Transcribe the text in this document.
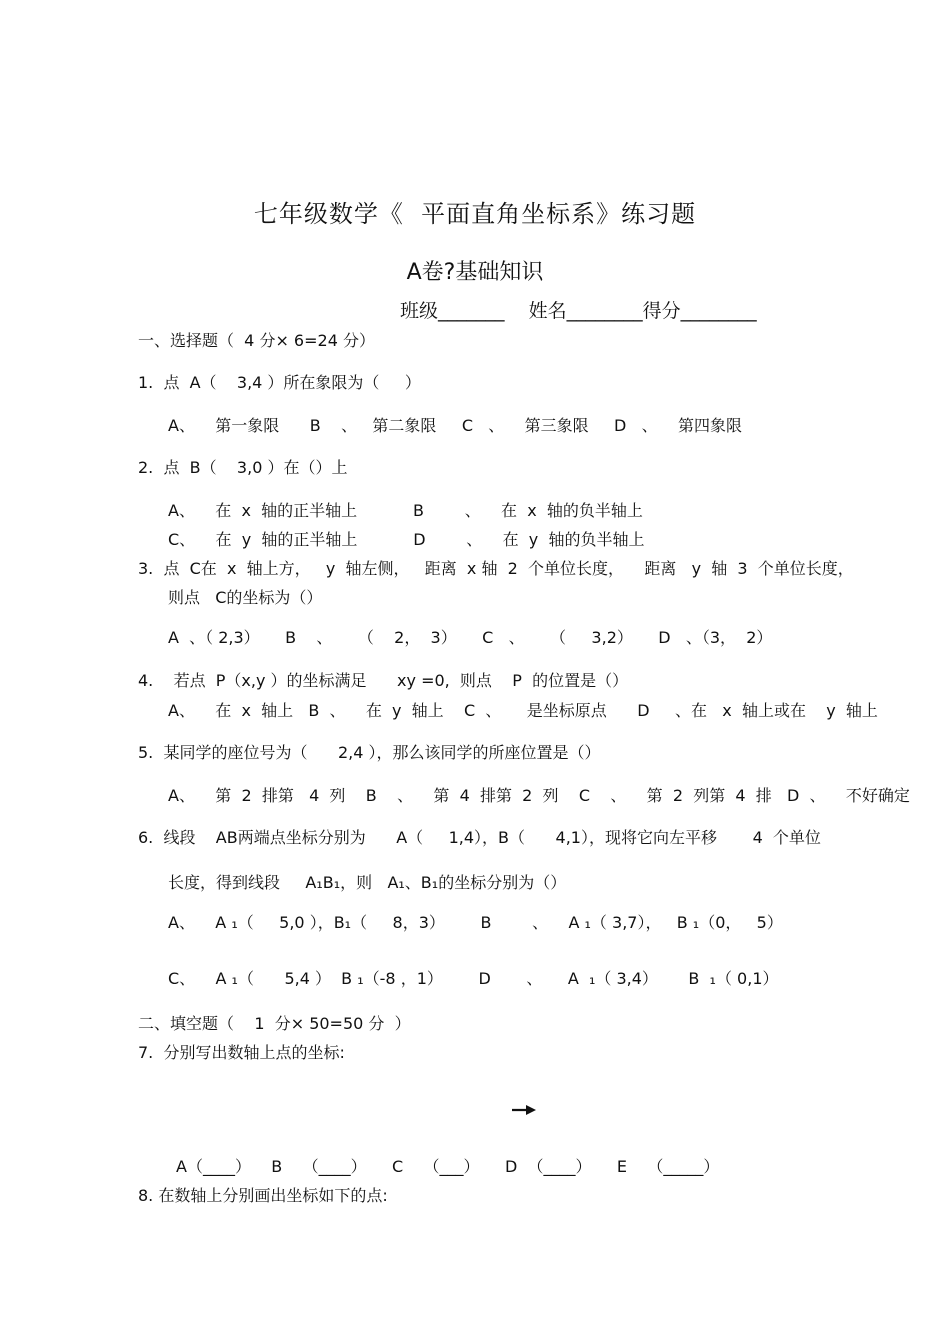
七年级数学《  平面直角坐标系》练习题
A卷?基础知识
班级_______    姓名________得分________
一、选择题（  4 分× 6=24 分）
1.  点  A（    3,4 ）所在象限为（     ）
A、    第一象限      B    、   第二象限     C   、    第三象限     D   、    第四象限
2.  点  B（    3,0 ）在（）上
A、    在  x  轴的正半轴上           B        、    在  x  轴的负半轴上
C、    在  y  轴的正半轴上           D        、    在  y  轴的负半轴上
3.  点  C在  x  轴上方，   y  轴左侧，   距离  x 轴  2  个单位长度，    距离   y  轴  3  个单位长度，
则点   C的坐标为（）
A  、（ 2,3）     B    、     （    2，  3）     C   、     （     3,2）     D   、（3，  2）
4.    若点  P（x,y ）的坐标满足      xy =0,  则点    P  的位置是（）
A、    在  x  轴上   B  、    在  y  轴上    C  、     是坐标原点      D     、在   x  轴上或在    y  轴上
5.  某同学的座位号为（      2,4 ），那么该同学的所座位置是（）
A、    第  2  排第   4  列    B    、    第  4  排第  2  列    C    、    第  2  列第  4  排   D  、    不好确定
6.  线段    AB两端点坐标分别为      A（     1,4），B（      4,1），现将它向左平移       4  个单位
长度，得到线段     A₁B₁，则   A₁、B₁的坐标分别为（）
A、    A ₁（     5,0 ），B₁（     8，3）       B        、    A ₁（ 3,7），   B ₁（0，   5）
C、    A ₁（      5,4 ）  B ₁（-8 ，1）       D       、     A  ₁（ 3,4）      B  ₁（ 0,1）
二、填空题（    1  分× 50=50 分  ）
7.  分别写出数轴上点的坐标:
A（____）    B    （____）     C    （___）     D  （____）     E    （_____）
8. 在数轴上分别画出坐标如下的点:
